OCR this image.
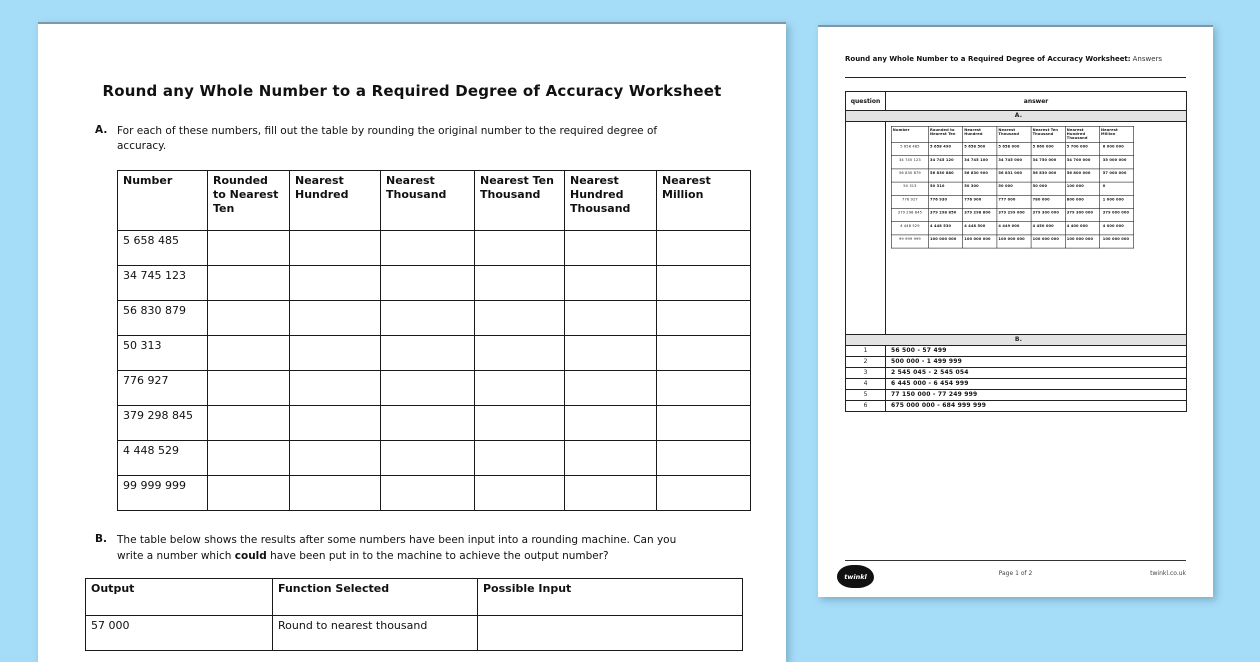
Round any Whole Number to a Required Degree of Accuracy Worksheet
A. For each of these numbers, fill out the table by rounding the original number to the required degree of accuracy.
Number	Rounded to Nearest Ten	Nearest Hundred	Nearest Thousand	Nearest Ten Thousand	Nearest Hundred Thousand	Nearest Million
5 658 485						
34 745 123						
56 830 879						
50 313						
776 927						
379 298 845						
4 448 529						
99 999 999						
B. The table below shows the results after some numbers have been input into a rounding machine. Can you write a number which could have been put in to the machine to achieve the output number?
Output	Function Selected	Possible Input
57 000	Round to nearest thousand	
Round any Whole Number to a Required Degree of Accuracy Worksheet: Answers
question	answer
A.

Number	Rounded to Nearest Ten	Nearest Hundred	Nearest Thousand	Nearest Ten Thousand	Nearest Hundred Thousand	Nearest Million
5 658 485	5 658 490	5 658 500	5 658 000	5 660 000	5 700 000	6 000 000
34 745 123	34 745 120	34 745 100	34 745 000	34 750 000	34 700 000	35 000 000
56 830 879	56 830 880	56 830 900	56 831 000	56 830 000	56 800 000	57 000 000
50 313	50 310	50 300	50 000	50 000	100 000	0
776 927	776 930	776 900	777 000	780 000	800 000	1 000 000
379 298 845	379 298 850	379 298 800	379 299 000	379 300 000	379 300 000	379 000 000
4 448 529	4 448 530	4 448 500	4 449 000	4 450 000	4 400 000	4 000 000
99 999 999	100 000 000	100 000 000	100 000 000	100 000 000	100 000 000	100 000 000

B.
1	56 500 - 57 499
2	500 000 - 1 499 999
3	2 545 045 - 2 545 054
4	6 445 000 - 6 454 999
5	77 150 000 - 77 249 999
6	675 000 000 - 684 999 999
twinkl	Page 1 of 2	twinkl.co.uk
